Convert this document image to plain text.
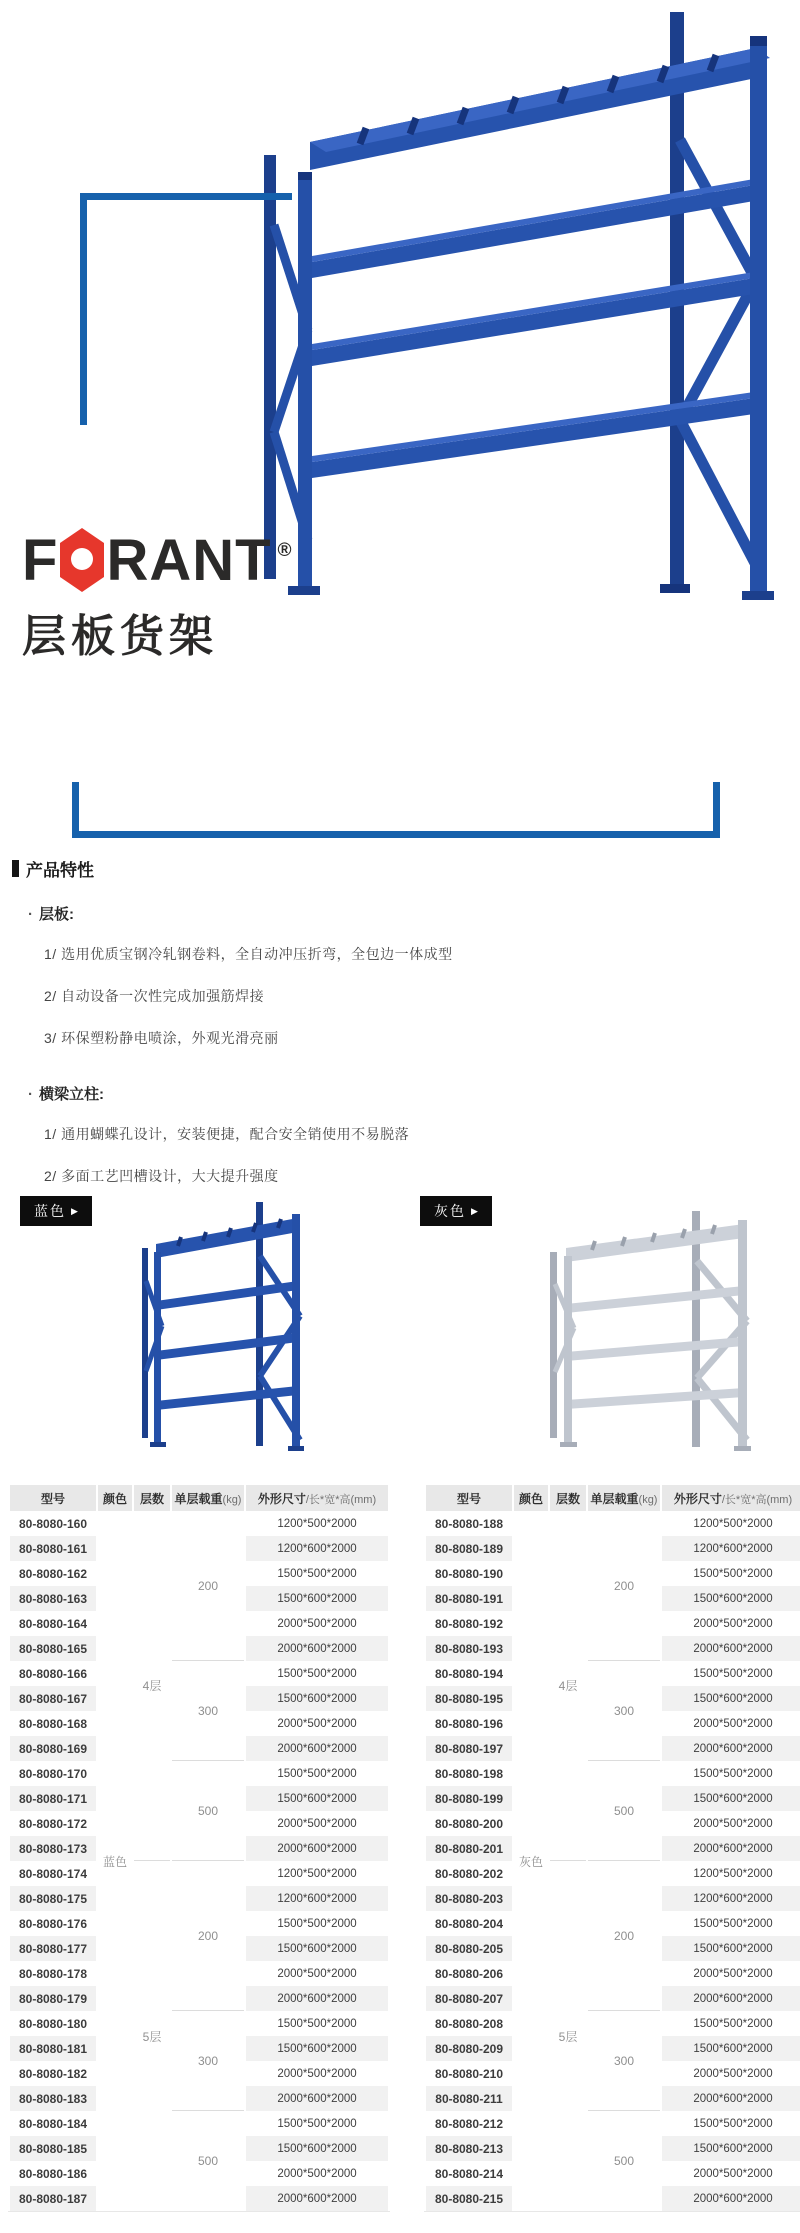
F RANT ®
层板货架
产品特性
· 层板:
1/ 选用优质宝钢冷轧钢卷料，全自动冲压折弯，全包边一体成型
2/ 自动设备一次性完成加强筋焊接
3/ 环保塑粉静电喷涂，外观光滑亮丽
· 横梁立柱:
1/ 通用蝴蝶孔设计，安装便捷，配合安全销使用不易脱落
2/ 多面工艺凹槽设计，大大提升强度
蓝色 ▶	灰色 ▶
型号	颜色	层数	单层载重(kg)	外形尺寸/长*宽*高(mm)
80-8080-160	蓝色	4层	200	1200*500*2000
80-8080-161				1200*600*2000
80-8080-162				1500*500*2000
80-8080-163				1500*600*2000
80-8080-164				2000*500*2000
80-8080-165				2000*600*2000
80-8080-166			300	1500*500*2000
80-8080-167				1500*600*2000
80-8080-168				2000*500*2000
80-8080-169				2000*600*2000
80-8080-170			500	1500*500*2000
80-8080-171				1500*600*2000
80-8080-172				2000*500*2000
80-8080-173				2000*600*2000
80-8080-174		5层	200	1200*500*2000
80-8080-175				1200*600*2000
80-8080-176				1500*500*2000
80-8080-177				1500*600*2000
80-8080-178				2000*500*2000
80-8080-179				2000*600*2000
80-8080-180			300	1500*500*2000
80-8080-181				1500*600*2000
80-8080-182				2000*500*2000
80-8080-183				2000*600*2000
80-8080-184			500	1500*500*2000
80-8080-185				1500*600*2000
80-8080-186				2000*500*2000
80-8080-187				2000*600*2000
型号	颜色	层数	单层载重(kg)	外形尺寸/长*宽*高(mm)
80-8080-188	灰色	4层	200	1200*500*2000
80-8080-189				1200*600*2000
80-8080-190				1500*500*2000
80-8080-191				1500*600*2000
80-8080-192				2000*500*2000
80-8080-193				2000*600*2000
80-8080-194			300	1500*500*2000
80-8080-195				1500*600*2000
80-8080-196				2000*500*2000
80-8080-197				2000*600*2000
80-8080-198			500	1500*500*2000
80-8080-199				1500*600*2000
80-8080-200				2000*500*2000
80-8080-201				2000*600*2000
80-8080-202		5层	200	1200*500*2000
80-8080-203				1200*600*2000
80-8080-204				1500*500*2000
80-8080-205				1500*600*2000
80-8080-206				2000*500*2000
80-8080-207				2000*600*2000
80-8080-208			300	1500*500*2000
80-8080-209				1500*600*2000
80-8080-210				2000*500*2000
80-8080-211				2000*600*2000
80-8080-212			500	1500*500*2000
80-8080-213				1500*600*2000
80-8080-214				2000*500*2000
80-8080-215				2000*600*2000
